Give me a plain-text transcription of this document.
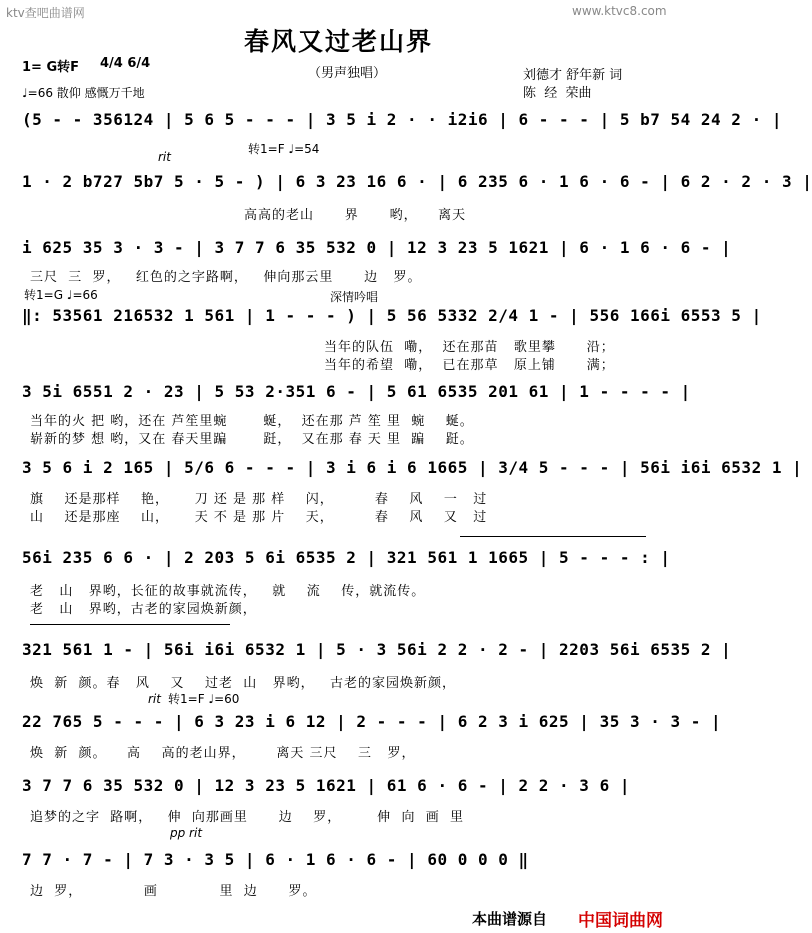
ktv查吧曲谱网	www.ktvc8.com
春风又过老山界
1= G转F 4/4 6/4
（男声独唱）	刘德才 舒年新 词
陈  经  荣曲
♩=66 散仰 感慨万千地
rit
转1=F ♩=54
转1=G ♩=66	深情吟唱
rit 转1=F ♩=60
pp rit
(5 - - 356124 | 5 6 5 - - - | 3 5 i 2 · · i2i6 | 6 - - - | 5 b7 54 24 2 · |
1 · 2 b727 5b7 5 · 5 - ) | 6 3 23 16 6 · | 6 235 6 · 1 6 · 6 - | 6 2 · 2 · 3 |
高高的老山      界      哟，    离天
i 625 35 3 · 3 - | 3 7 7 6 35 532 0 | 12 3 23 5 1621 | 6 · 1 6 · 6 - |
三尺  三  罗，   红色的之字路啊，   伸向那云里      边   罗。
‖: 53561 216532 1 561 | 1 - - - ) | 5 56 5332 2/4 1 - | 556 166i 6553 5 |
当年的队伍  嘞，  还在那苗   歌里攀      沿；
当年的希望  嘞，  已在那草   原上铺      满；
3 5i 6551 2 · 23 | 5 53 2·351 6 - | 5 61 6535 201 61 | 1 - - - - |
当年的火 把 哟，还在 芦笙里蜿       蜒，  还在那 芦 笙 里  蜿    蜒。
崭新的梦 想 哟，又在 春天里蹁       跹，  又在那 春 天 里  蹁    跹。
3 5 6 i 2 165 | 5/6 6 - - - | 3 i 6 i 6 1665 | 3/4 5 - - - | 56i i6i 6532 1 |
旗    还是那样    艳，     刀 还 是 那 样    闪，        春    风    一   过
山    还是那座    山，     天 不 是 那 片    天，        春    风    又   过
56i 235 6 6 · | 2 203 5 6i 6535 2 | 321 561 1 1665 | 5 - - - : |
老   山   界哟，长征的故事就流传，   就    流    传，就流传。
老   山   界哟，古老的家园焕新颜，
321 561 1 - | 56i i6i 6532 1 | 5 · 3 56i 2 2 · 2 - | 2203 56i 6535 2 |
焕  新  颜。春   风    又    过老  山   界哟，   古老的家园焕新颜，
22 765 5 - - - | 6 3 23 i 6 12 | 2 - - - | 6 2 3 i 625 | 35 3 · 3 - |
焕  新  颜。    高    高的老山界，      离天 三尺    三   罗，
3 7 7 6 35 532 0 | 12 3 23 5 1621 | 61 6 · 6 - | 2 2 · 3 6 |
追梦的之字  路啊，   伸  向那画里      边    罗，       伸  向  画  里
7 7 · 7 - | 7 3 · 3 5 | 6 · 1 6 · 6 - | 60 0 0 0 ‖
边  罗，            画            里  边      罗。
本曲谱源自 中国词曲网
